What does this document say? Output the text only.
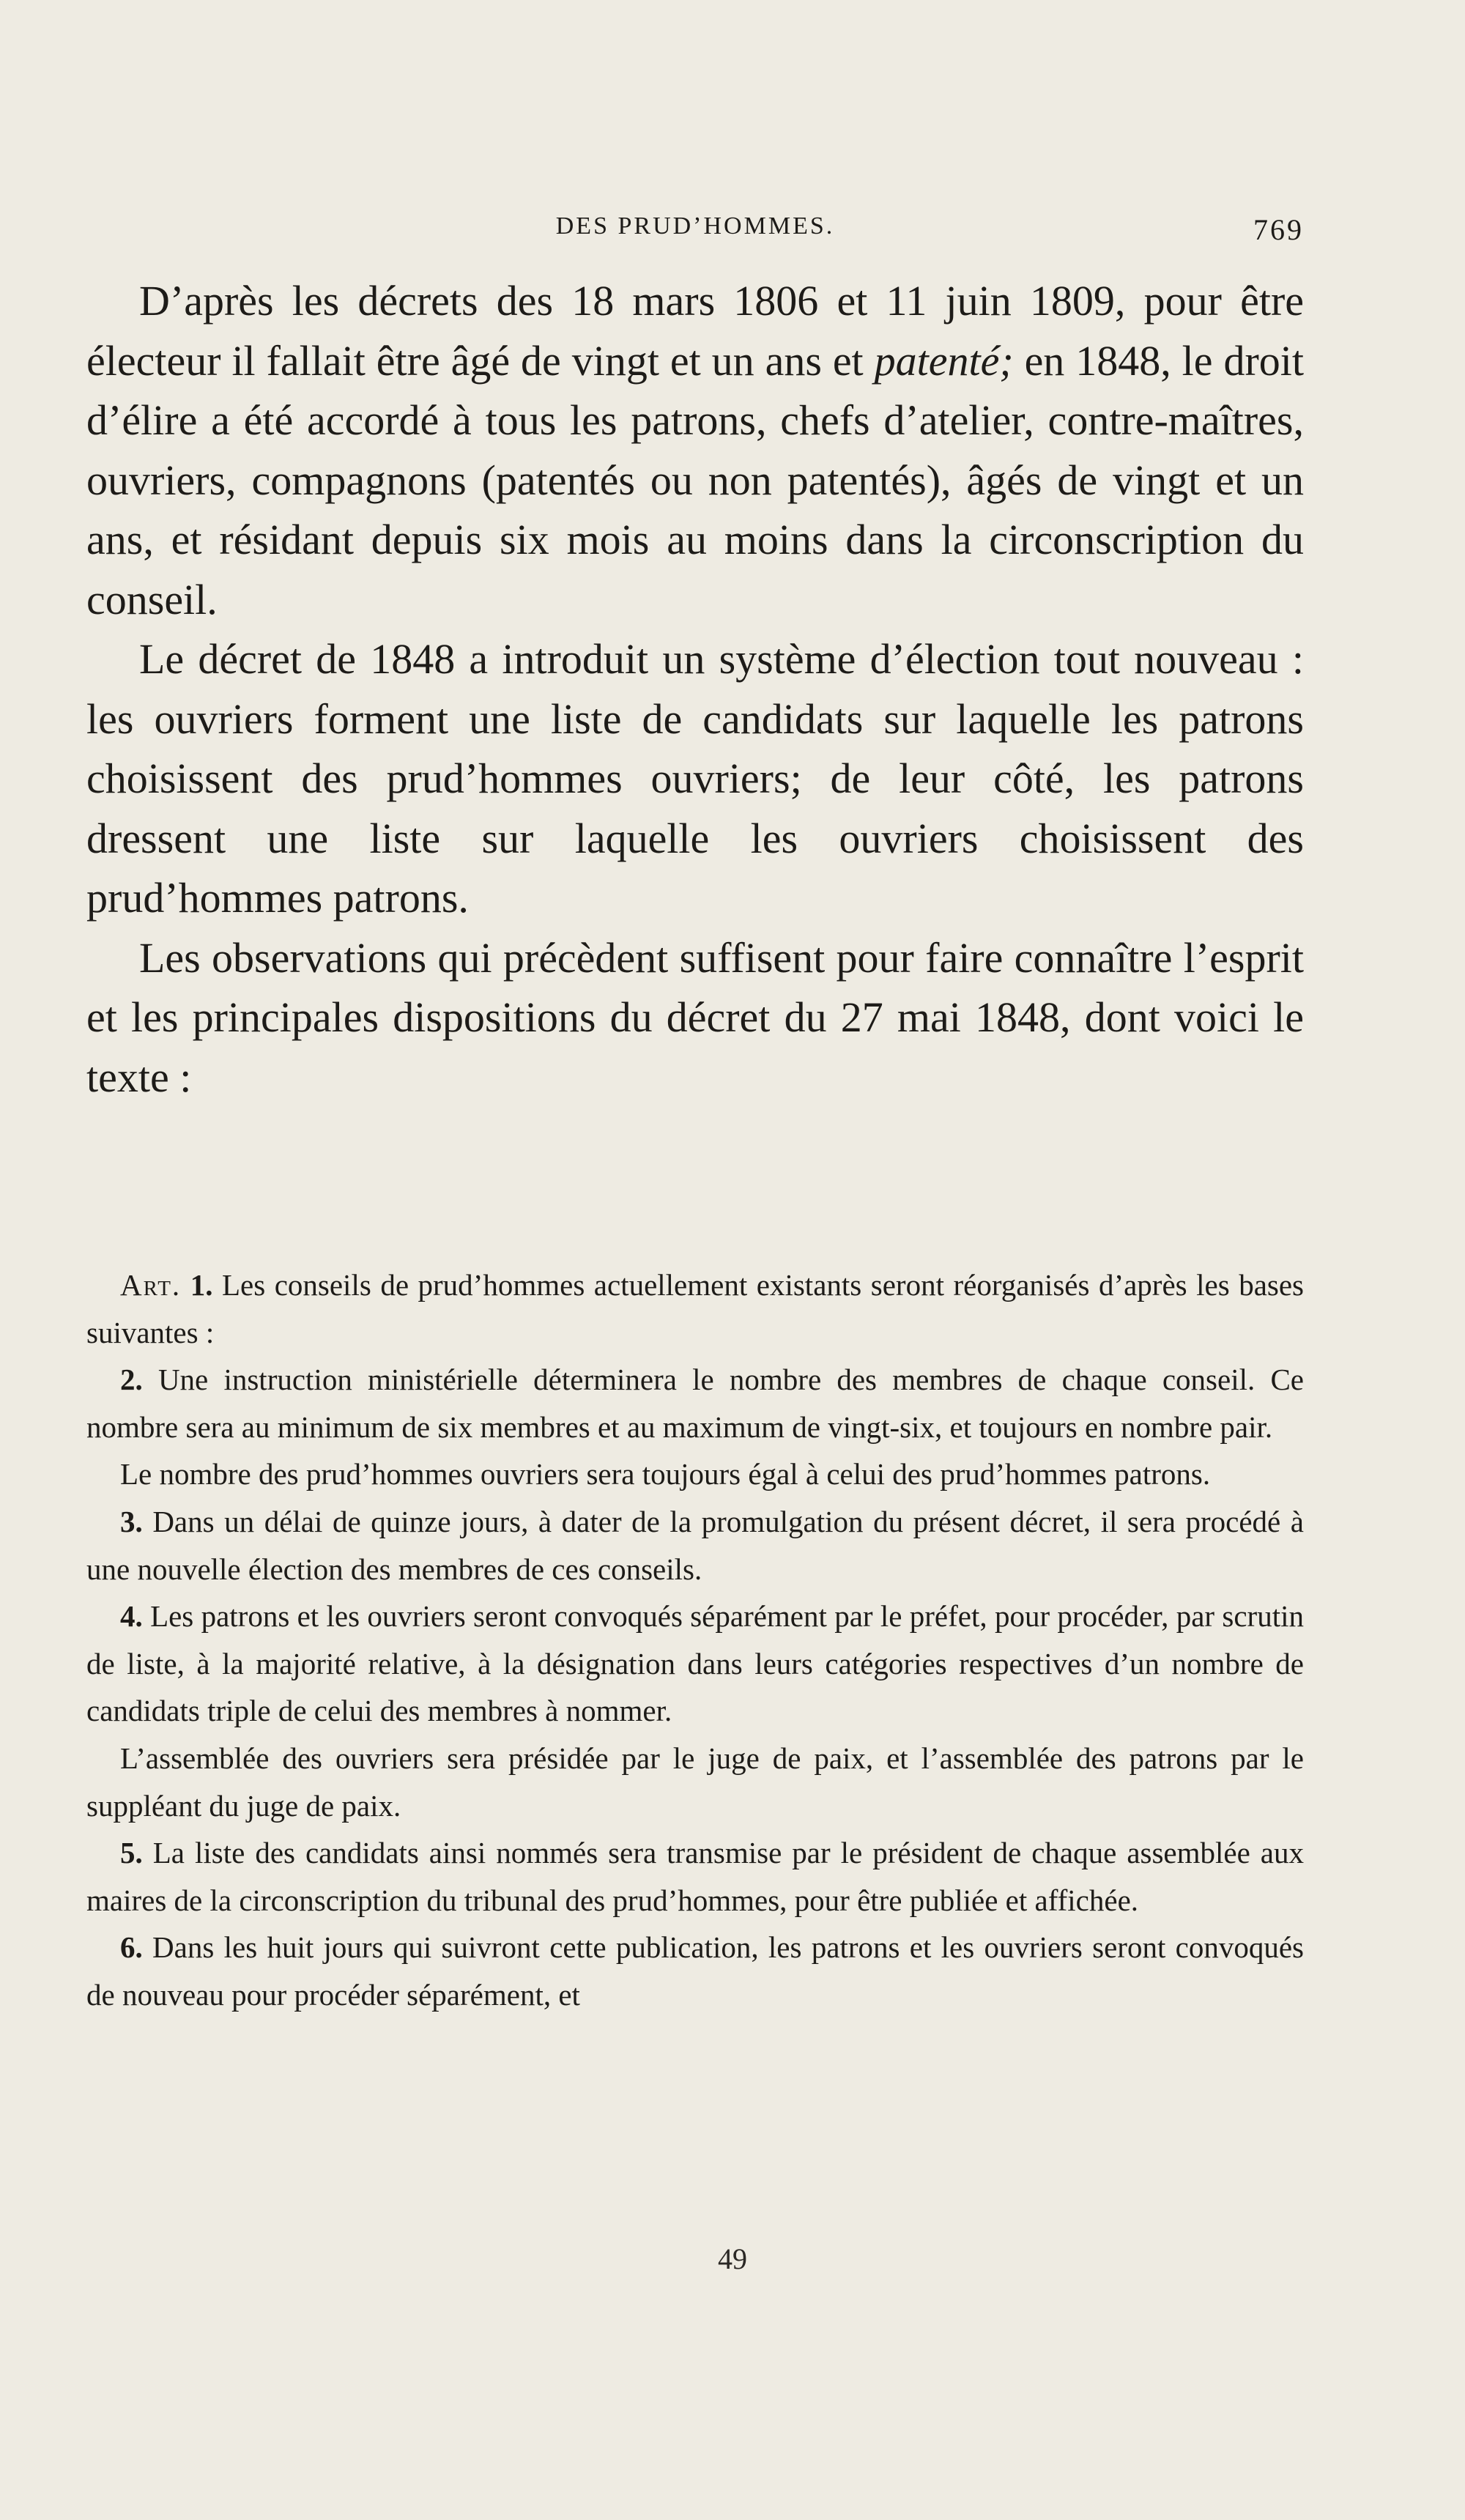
DES PRUD’HOMMES.	769

D’après les décrets des 18 mars 1806 et 11 juin 1809, pour être électeur il fallait être âgé de vingt et un ans et patenté; en 1848, le droit d’élire a été accordé à tous les patrons, chefs d’atelier, contre-maîtres, ouvriers, compagnons (patentés ou non patentés), âgés de vingt et un ans, et résidant depuis six mois au moins dans la circonscription du conseil.

Le décret de 1848 a introduit un système d’élection tout nouveau : les ouvriers forment une liste de candidats sur laquelle les patrons choisissent des prud’hommes ouvriers; de leur côté, les patrons dressent une liste sur laquelle les ouvriers choisissent des prud’hommes patrons.

Les observations qui précèdent suffisent pour faire connaître l’esprit et les principales dispositions du décret du 27 mai 1848, dont voici le texte :

Art. 1. Les conseils de prud’hommes actuellement existants seront réorganisés d’après les bases suivantes :

2. Une instruction ministérielle déterminera le nombre des membres de chaque conseil. Ce nombre sera au minimum de six membres et au maximum de vingt-six, et toujours en nombre pair.

Le nombre des prud’hommes ouvriers sera toujours égal à celui des prud’hommes patrons.

3. Dans un délai de quinze jours, à dater de la promulgation du présent décret, il sera procédé à une nouvelle élection des membres de ces conseils.

4. Les patrons et les ouvriers seront convoqués séparément par le préfet, pour procéder, par scrutin de liste, à la majorité relative, à la désignation dans leurs catégories respectives d’un nombre de candidats triple de celui des membres à nommer.

L’assemblée des ouvriers sera présidée par le juge de paix, et l’assemblée des patrons par le suppléant du juge de paix.

5. La liste des candidats ainsi nommés sera transmise par le président de chaque assemblée aux maires de la circonscription du tribunal des prud’hommes, pour être publiée et affichée.

6. Dans les huit jours qui suivront cette publication, les patrons et les ouvriers seront convoqués de nouveau pour procéder séparément, et

49
